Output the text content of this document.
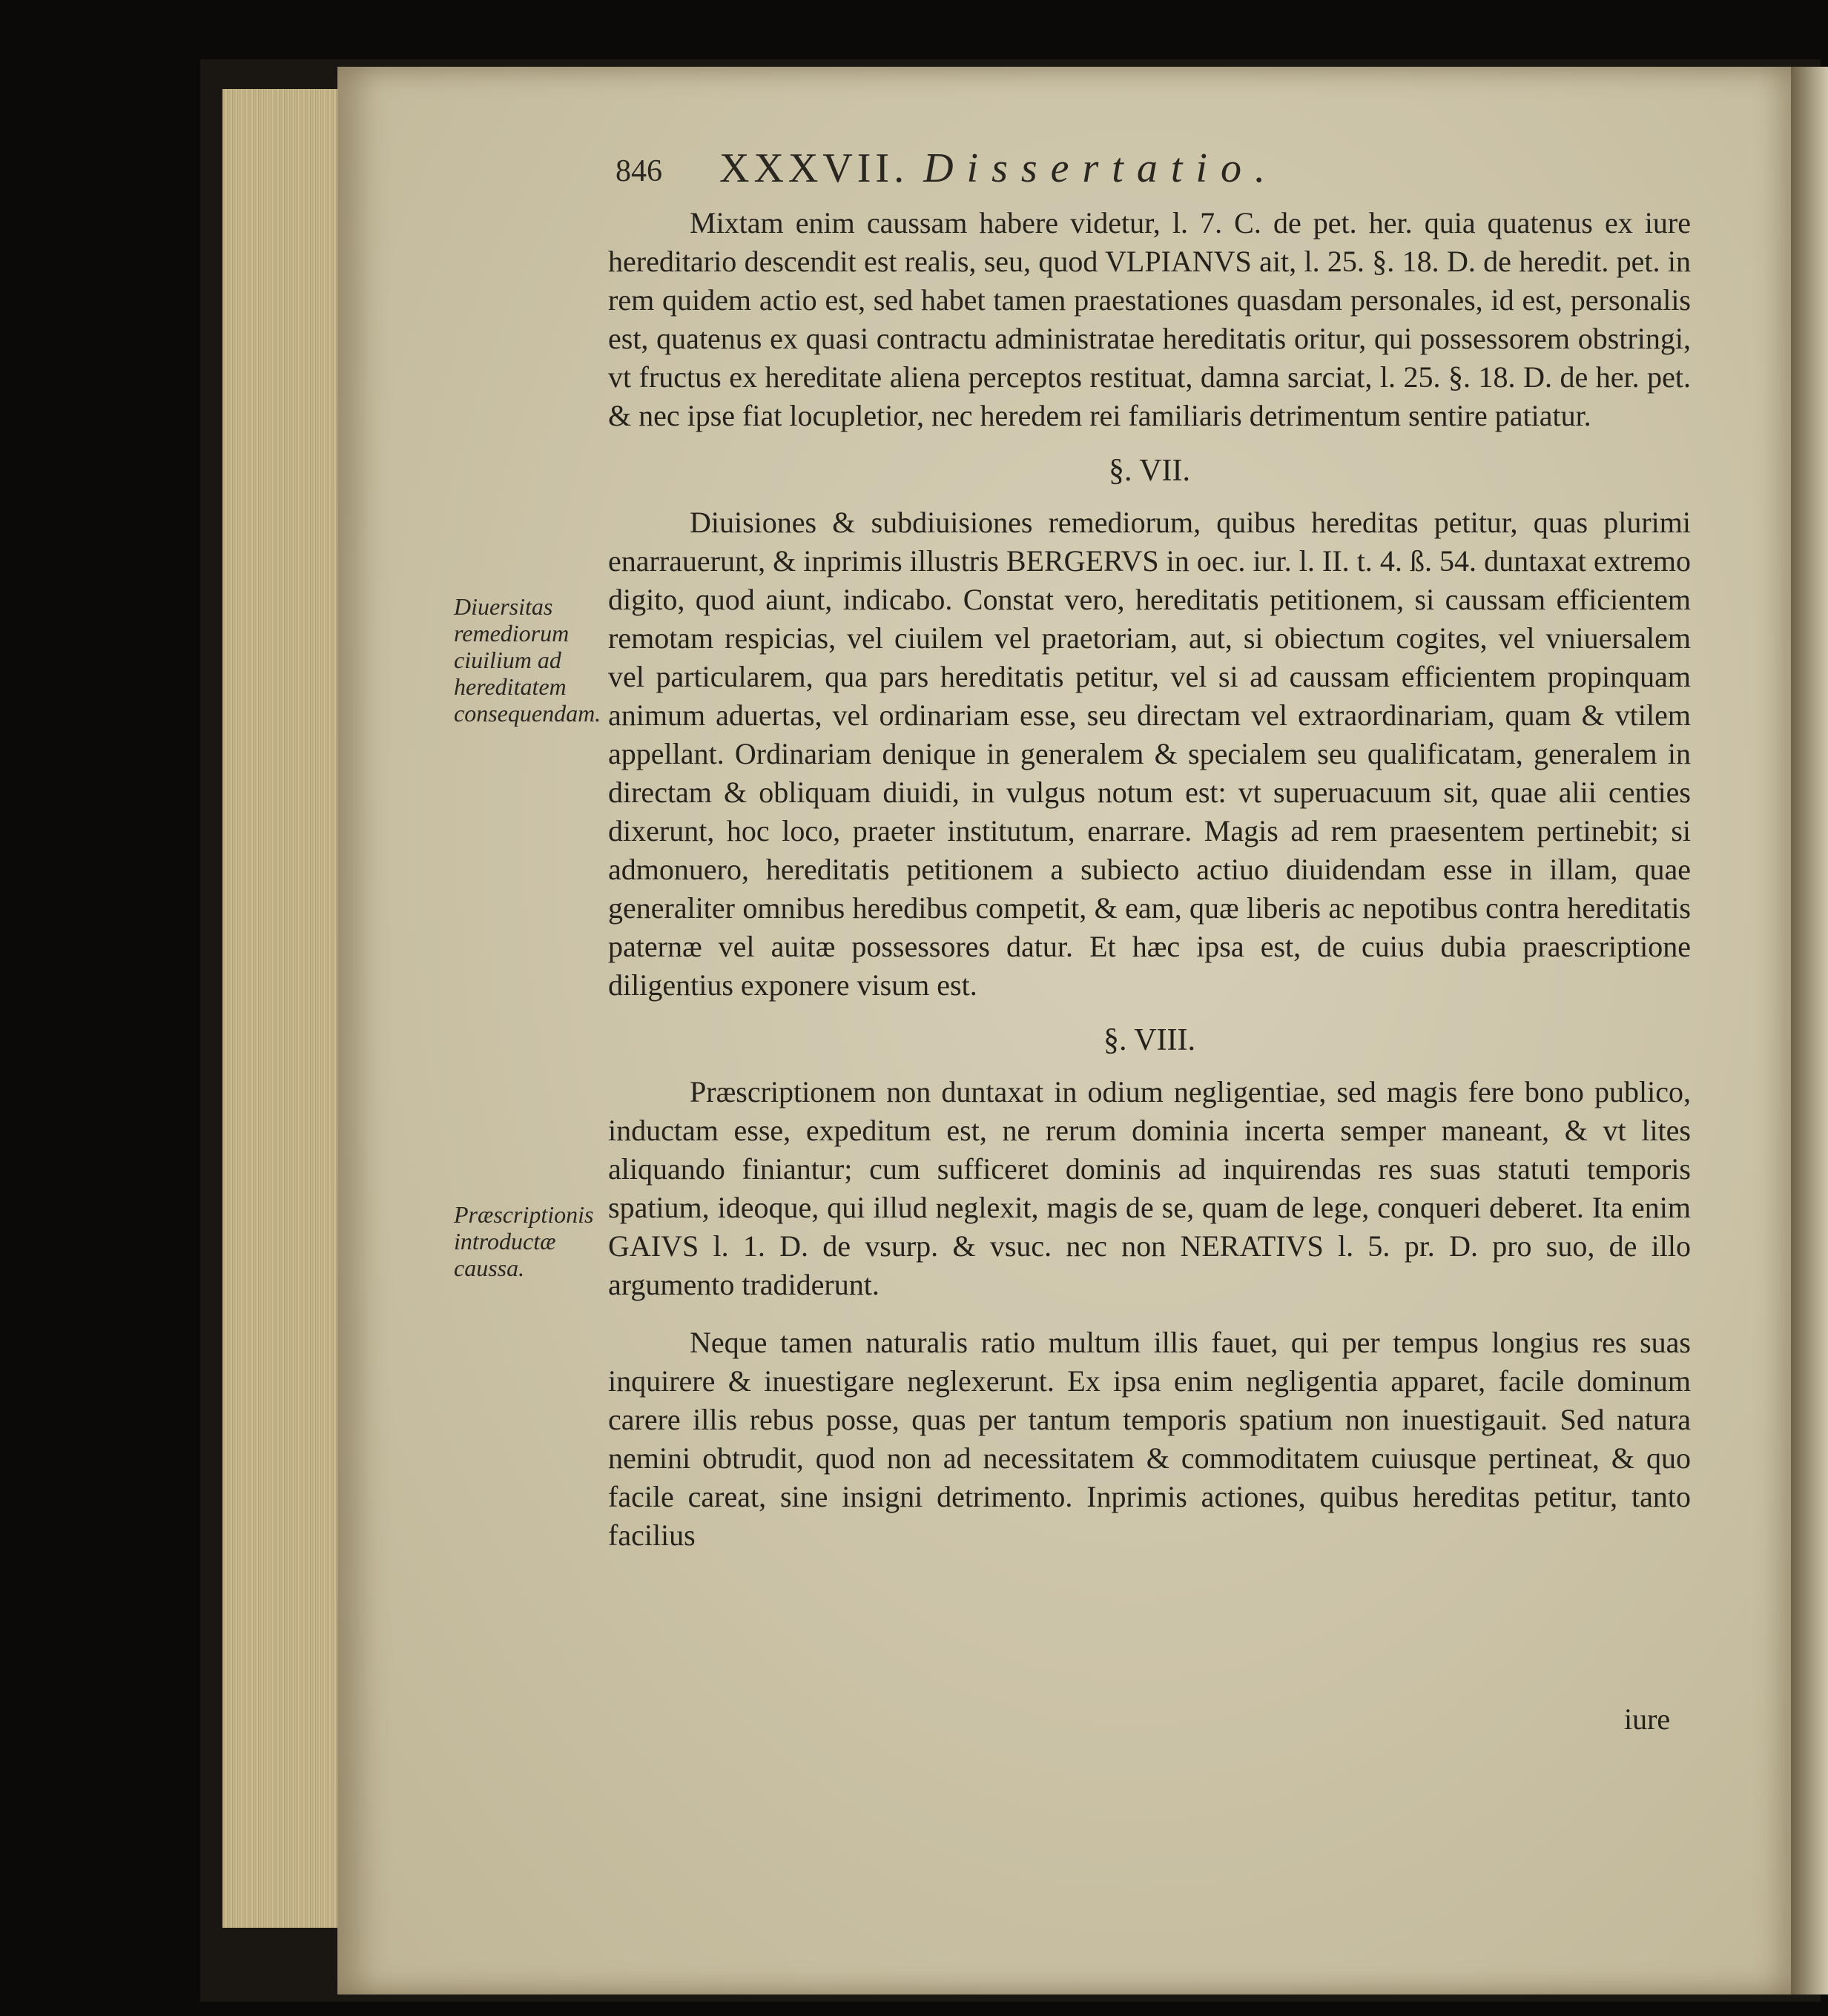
846 XXXVII. Dissertatio.
Diuersitas remediorum ciuilium ad hereditatem consequendam.
Præscriptionis introductæ caussa.

Mixtam enim caussam habere videtur, l. 7. C. de pet. her. quia quatenus ex iure hereditario descendit est realis, seu, quod VLPIANVS ait, l. 25. §. 18. D. de heredit. pet. in rem quidem actio est, sed habet tamen praestationes quasdam personales, id est, personalis est, quatenus ex quasi contractu administratae hereditatis oritur, qui possessorem obstringi, vt fructus ex hereditate aliena perceptos restituat, damna sarciat, l. 25. §. 18. D. de her. pet. & nec ipse fiat locupletior, nec heredem rei familiaris detrimentum sentire patiatur.

§. VII.

Diuisiones & subdiuisiones remediorum, quibus hereditas petitur, quas plurimi enarrauerunt, & inprimis illustris BERGERVS in oec. iur. l. II. t. 4. ß. 54. duntaxat extremo digito, quod aiunt, indicabo. Constat vero, hereditatis petitionem, si caussam efficientem remotam respicias, vel ciuilem vel praetoriam, aut, si obiectum cogites, vel vniuersalem vel particularem, qua pars hereditatis petitur, vel si ad caussam efficientem propinquam animum aduertas, vel ordinariam esse, seu directam vel extraordinariam, quam & vtilem appellant. Ordinariam denique in generalem & specialem seu qualificatam, generalem in directam & obliquam diuidi, in vulgus notum est: vt superuacuum sit, quae alii centies dixerunt, hoc loco, praeter institutum, enarrare. Magis ad rem praesentem pertinebit; si admonuero, hereditatis petitionem a subiecto actiuo diuidendam esse in illam, quae generaliter omnibus heredibus competit, & eam, quæ liberis ac nepotibus contra hereditatis paternæ vel auitæ possessores datur. Et hæc ipsa est, de cuius dubia praescriptione diligentius exponere visum est.

§. VIII.

Præscriptionem non duntaxat in odium negligentiae, sed magis fere bono publico, inductam esse, expeditum est, ne rerum dominia incerta semper maneant, & vt lites aliquando finiantur; cum sufficeret dominis ad inquirendas res suas statuti temporis spatium, ideoque, qui illud neglexit, magis de se, quam de lege, conqueri deberet. Ita enim GAIVS l. 1. D. de vsurp. & vsuc. nec non NERATIVS l. 5. pr. D. pro suo, de illo argumento tradiderunt.

Neque tamen naturalis ratio multum illis fauet, qui per tempus longius res suas inquirere & inuestigare neglexerunt. Ex ipsa enim negligentia apparet, facile dominum carere illis rebus posse, quas per tantum temporis spatium non inuestigauit. Sed natura nemini obtrudit, quod non ad necessitatem & commoditatem cuiusque pertineat, & quo facile careat, sine insigni detrimento. Inprimis actiones, quibus hereditas petitur, tanto facilius

iure
